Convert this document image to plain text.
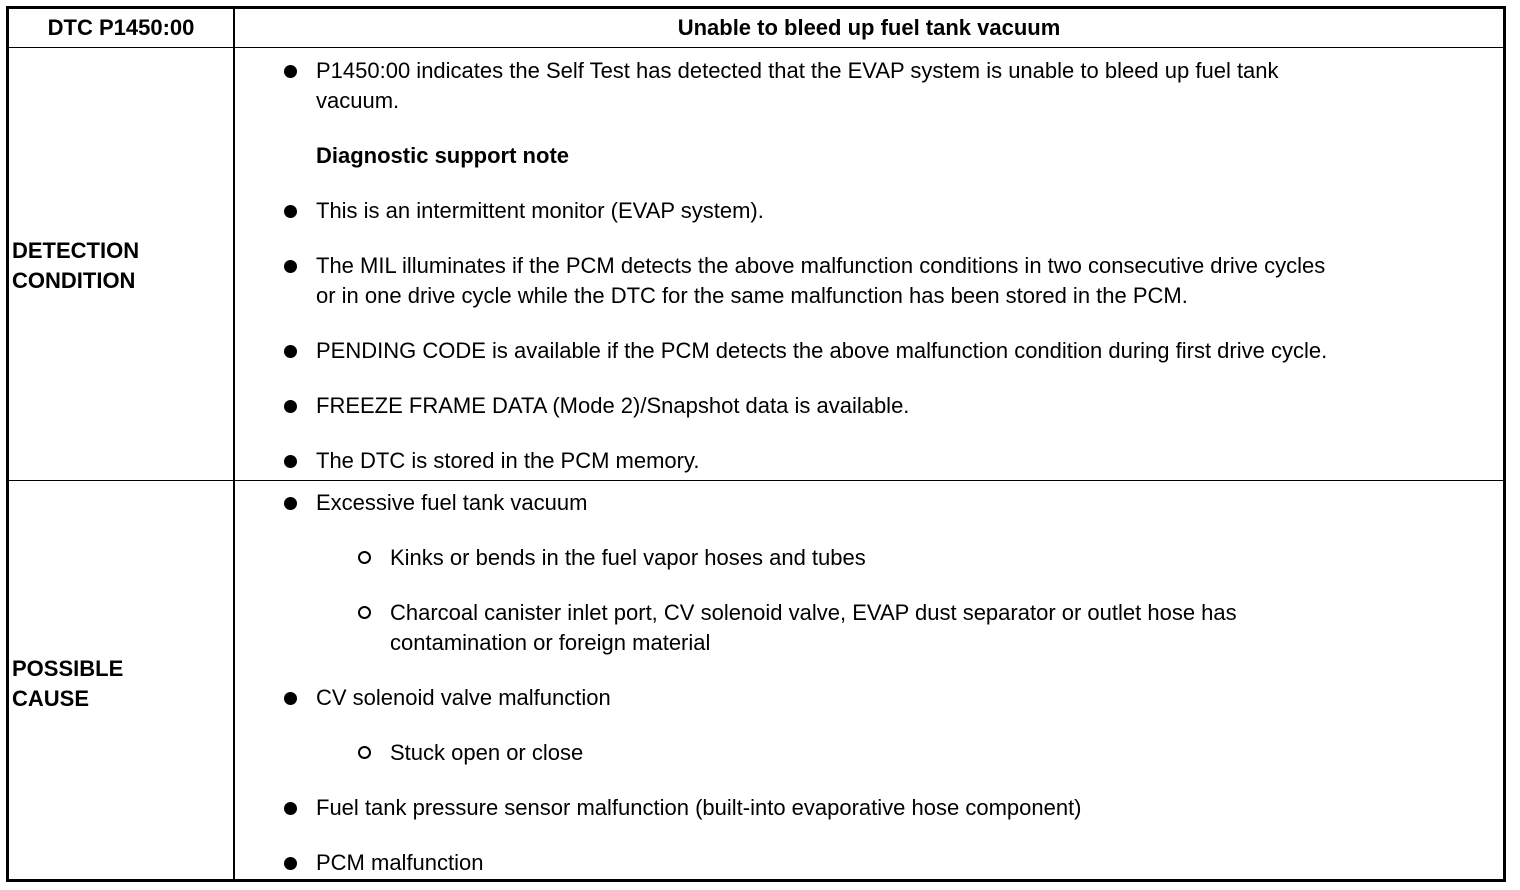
DTC P1450:00	Unable to bleed up fuel tank vacuum
DETECTION
CONDITION
P1450:00 indicates the Self Test has detected that the EVAP system is unable to bleed up fuel tank
vacuum.
Diagnostic support note
This is an intermittent monitor (EVAP system).
The MIL illuminates if the PCM detects the above malfunction conditions in two consecutive drive cycles
or in one drive cycle while the DTC for the same malfunction has been stored in the PCM.
PENDING CODE is available if the PCM detects the above malfunction condition during first drive cycle.
FREEZE FRAME DATA (Mode 2)/Snapshot data is available.
The DTC is stored in the PCM memory.
POSSIBLE
CAUSE
Excessive fuel tank vacuum
Kinks or bends in the fuel vapor hoses and tubes
Charcoal canister inlet port, CV solenoid valve, EVAP dust separator or outlet hose has
contamination or foreign material
CV solenoid valve malfunction
Stuck open or close
Fuel tank pressure sensor malfunction (built-into evaporative hose component)
PCM malfunction
